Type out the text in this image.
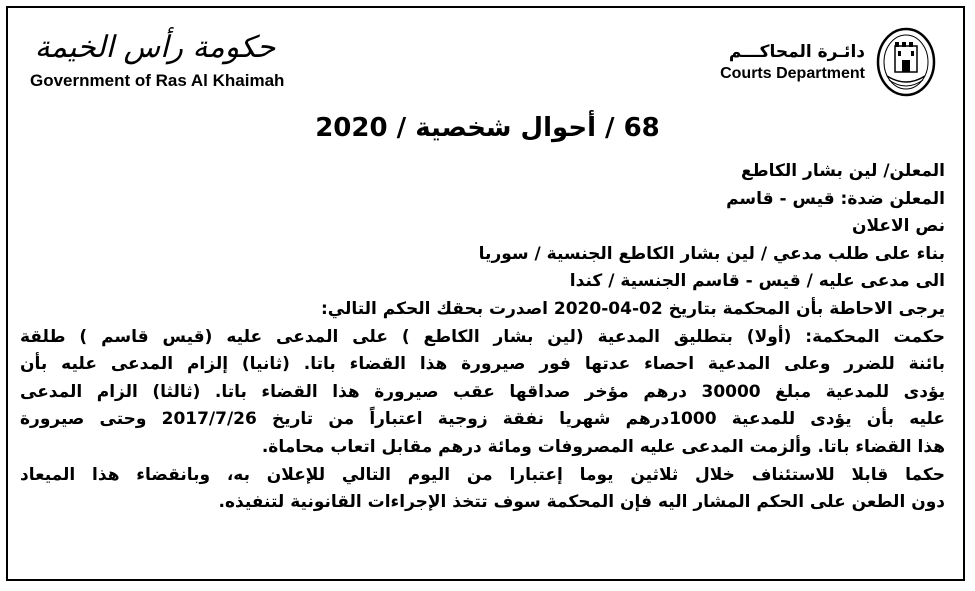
حكومة رأس الخيمة
Government of Ras Al Khaimah
دائـرة المحاكـــم
Courts Department
68 / أحوال شخصية / 2020
المعلن/ لين بشار الكاطع
المعلن ضدة: قيس - قاسم
نص الاعلان
بناء على طلب مدعي / لين بشار الكاطع الجنسية / سوريا
الى مدعى عليه / قيس - قاسم الجنسية / كندا
يرجى الاحاطة بأن المحكمة بتاريخ 02-04-2020 اصدرت بحقك الحكم التالي:
حكمت المحكمة: (أولا) بتطليق المدعية (لين بشار الكاطع ) على المدعى عليه (قيس قاسم ) طلقة
بائنة للضرر وعلى المدعية احصاء عدتها فور صيرورة هذا القضاء باتا. (ثانيا) إلزام المدعى عليه بأن
يؤدى للمدعية مبلغ 30000 درهم مؤخر صداقها عقب صيرورة هذا القضاء باتا. (ثالثا) الزام المدعى
عليه بأن يؤدى للمدعية 1000درهم شهريا نفقة زوجية اعتباراً من تاريخ 2017/7/26 وحتى صيرورة
هذا القضاء باتا. وألزمت المدعى عليه المصروفات ومائة درهم مقابل اتعاب محاماة.
حكما قابلا للاستئناف خلال ثلاثين يوما إعتبارا من اليوم التالي للإعلان به، وبانقضاء هذا الميعاد
دون الطعن على الحكم المشار اليه فإن المحكمة سوف تتخذ الإجراءات القانونية لتنفيذه.
